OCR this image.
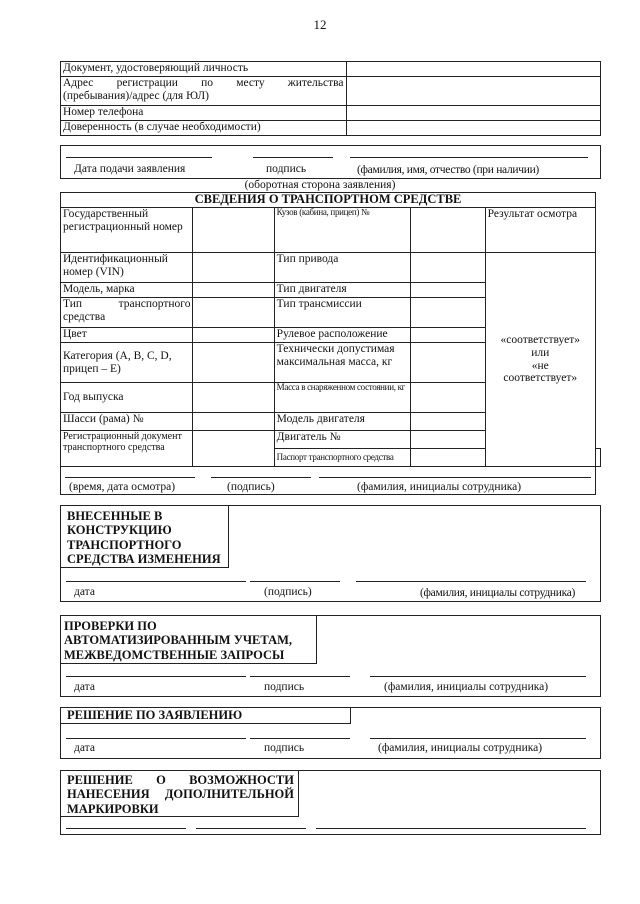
12
Документ, удостоверяющий личность	

Адрес регистрации по месту жительства
(пребывания)/адрес (для ЮЛ)	

Номер телефона	
Доверенность (в случае необходимости)	
Дата подачи заявления	подпись	(фамилия, имя, отчество (при наличии)
(оборотная сторона заявления)
СВЕДЕНИЯ О ТРАНСПОРТНОМ СРЕДСТВЕ					
Государственный регистрационный номер		Кузов (кабина, прицеп) №		Результат осмотра	
Идентификационный номер (VIN)		Тип привода		«соответствует»
или
«не
соответствует»	

Модель, марка		Тип двигателя			
Тип транспортного средства		Тип трансмиссии			
Цвет		Рулевое расположение			
Категория (A, B, C, D, прицеп – E)		Технически допустимая максимальная масса, кг			
Год выпуска		Масса в снаряженном состоянии, кг			
Шасси (рама) №		Модель двигателя			
Регистрационный документ транспортного средства		Двигатель №			
		Паспорт транспортного средства			

(время, дата осмотра) (подпись) (фамилия, инициалы сотрудника)					
ВНЕСЕННЫЕ В КОНСТРУКЦИЮ ТРАНСПОРТНОГО СРЕДСТВА ИЗМЕНЕНИЯ
дата	(подпись)	(фамилия, инициалы сотрудника)
ПРОВЕРКИ ПО АВТОМАТИЗИРОВАННЫМ УЧЕТАМ, МЕЖВЕДОМСТВЕННЫЕ ЗАПРОСЫ
дата	подпись	(фамилия, инициалы сотрудника)
РЕШЕНИЕ ПО ЗАЯВЛЕНИЮ
дата	подпись	(фамилия, инициалы сотрудника)
РЕШЕНИЕ О ВОЗМОЖНОСТИ НАНЕСЕНИЯ ДОПОЛНИТЕЛЬНОЙ МАРКИРОВКИ
